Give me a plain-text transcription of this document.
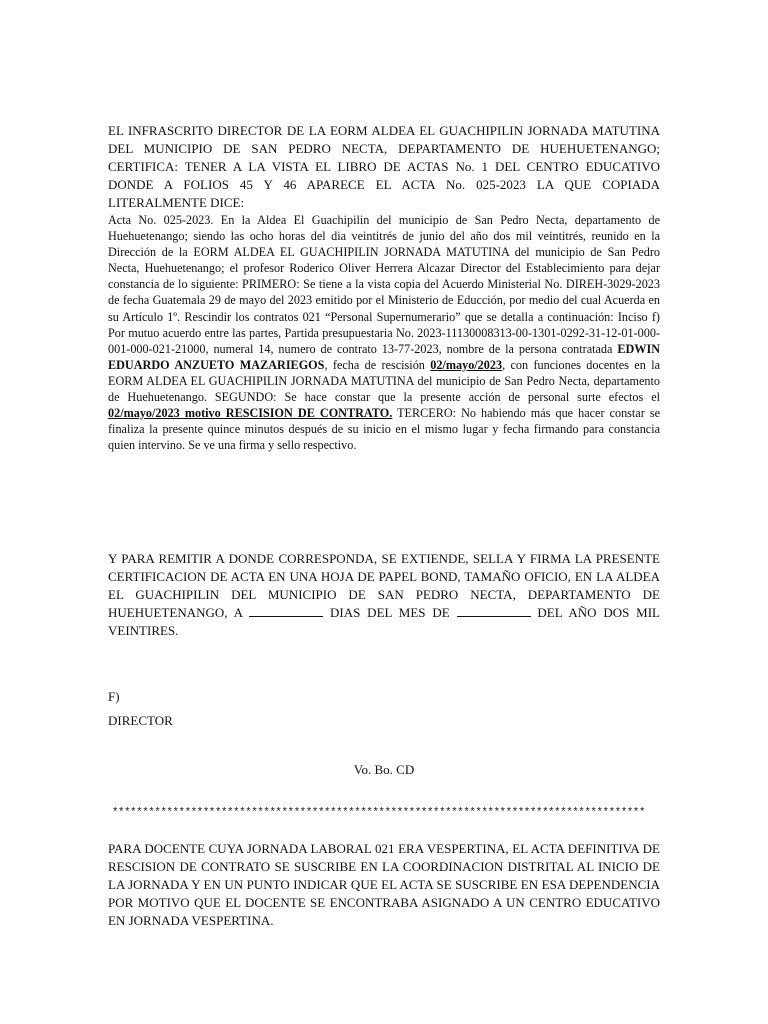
EL INFRASCRITO DIRECTOR DE LA EORM ALDEA EL GUACHIPILIN JORNADA MATUTINA DEL MUNICIPIO DE SAN PEDRO NECTA, DEPARTAMENTO DE HUEHUETENANGO; CERTIFICA: TENER A LA VISTA EL LIBRO DE ACTAS No. 1 DEL CENTRO EDUCATIVO DONDE A FOLIOS 45 Y 46 APARECE EL ACTA No. 025-2023 LA QUE COPIADA LITERALMENTE DICE:

Acta No. 025-2023. En la Aldea El Guachipilin del municipio de San Pedro Necta, departamento de Huehuetenango; siendo las ocho horas del dia veintitrés de junio del año dos mil veintitrés, reunido en la Dirección de la EORM ALDEA EL GUACHIPILIN JORNADA MATUTINA del municipio de San Pedro Necta, Huehuetenango; el profesor Roderico Oliver Herrera Alcazar Director del Establecimiento para dejar constancia de lo siguiente: PRIMERO: Se tiene a la vista copia del Acuerdo Ministerial No. DIREH-3029-2023 de fecha Guatemala 29 de mayo del 2023 emitido por el Ministerio de Educción, por medio del cual Acuerda en su Artículo 1º. Rescindir los contratos 021 “Personal Supernumerario” que se detalla a continuación: Inciso f) Por mutuo acuerdo entre las partes, Partida presupuestaria No. 2023-11130008313-00-1301-0292-31-12-01-000-001-000-021-21000, numeral 14, numero de contrato 13-77-2023, nombre de la persona contratada EDWIN EDUARDO ANZUETO MAZARIEGOS, fecha de rescisión 02/mayo/2023, con funciones docentes en la EORM ALDEA EL GUACHIPILIN JORNADA MATUTINA del municipio de San Pedro Necta, departamento de Huehuetenango. SEGUNDO: Se hace constar que la presente acción de personal surte efectos el 02/mayo/2023 motivo RESCISION DE CONTRATO. TERCERO: No habiendo más que hacer constar se finaliza la presente quince minutos después de su inicio en el mismo lugar y fecha firmando para constancia quien intervino. Se ve una firma y sello respectivo.

Y PARA REMITIR A DONDE CORRESPONDA, SE EXTIENDE, SELLA Y FIRMA LA PRESENTE CERTIFICACION DE ACTA EN UNA HOJA DE PAPEL BOND, TAMAÑO OFICIO, EN LA ALDEA EL GUACHIPILIN DEL MUNICIPIO DE SAN PEDRO NECTA, DEPARTAMENTO DE HUEHUETENANGO, A	DIAS DEL MES DE	DEL AÑO DOS MIL VEINTIRES.

F)

DIRECTOR

Vo. Bo. CD

****************************************************************************************

PARA DOCENTE CUYA JORNADA LABORAL 021 ERA VESPERTINA, EL ACTA DEFINITIVA DE RESCISION DE CONTRATO SE SUSCRIBE EN LA COORDINACION DISTRITAL AL INICIO DE LA JORNADA Y EN UN PUNTO INDICAR QUE EL ACTA SE SUSCRIBE EN ESA DEPENDENCIA POR MOTIVO QUE EL DOCENTE SE ENCONTRABA ASIGNADO A UN CENTRO EDUCATIVO EN JORNADA VESPERTINA.
